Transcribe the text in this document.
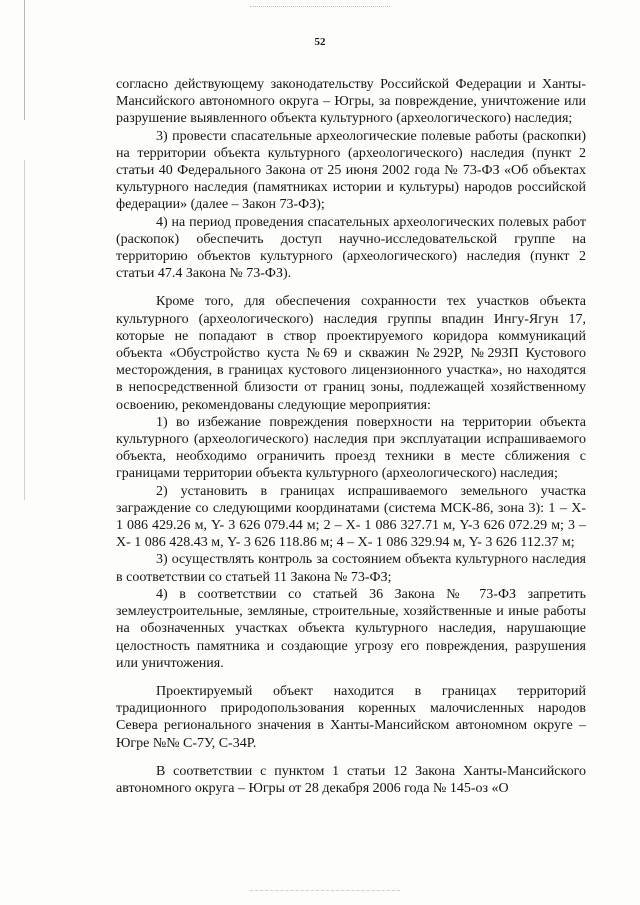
52

согласно действующему законодательству Российской Федерации и Ханты-Мансийского автономного округа – Югры, за повреждение, уничтожение или разрушение выявленного объекта культурного (археологического) наследия;

3) провести спасательные археологические полевые работы (раскопки) на территории объекта культурного (археологического) наследия (пункт 2 статьи 40 Федерального Закона от 25 июня 2002 года № 73-ФЗ «Об объектах культурного наследия (памятниках истории и культуры) народов российской федерации» (далее – Закон 73-ФЗ);

4) на период проведения спасательных археологических полевых работ (раскопок) обеспечить доступ научно-исследовательской группе на территорию объектов культурного (археологического) наследия (пункт 2 статьи 47.4 Закона № 73-ФЗ).

Кроме того, для обеспечения сохранности тех участков объекта культурного (археологического) наследия группы впадин Ингу-Ягун 17, которые не попадают в створ проектируемого коридора коммуникаций объекта «Обустройство куста №69 и скважин №292Р, №293П Кустового месторождения, в границах кустового лицензионного участка», но находятся в непосредственной близости от границ зоны, подлежащей хозяйственному освоению, рекомендованы следующие мероприятия:

1) во избежание повреждения поверхности на территории объекта культурного (археологического) наследия при эксплуатации испрашиваемого объекта, необходимо ограничить проезд техники в месте сближения с границами территории объекта культурного (археологического) наследия;

2) установить в границах испрашиваемого земельного участка заграждение со следующими координатами (система МСК-86, зона 3): 1 – Х- 1 086 429.26 м, Y- 3 626 079.44 м; 2 – Х- 1 086 327.71 м, Y-3 626 072.29 м; 3 – Х- 1 086 428.43 м, Y- 3 626 118.86 м; 4 – Х- 1 086 329.94 м, Y- 3 626 112.37 м;

3) осуществлять контроль за состоянием объекта культурного наследия в соответствии со статьей 11 Закона № 73-ФЗ;

4) в соответствии со статьей 36 Закона № 73-ФЗ запретить землеустроительные, земляные, строительные, хозяйственные и иные работы на обозначенных участках объекта культурного наследия, нарушающие целостность памятника и создающие угрозу его повреждения, разрушения или уничтожения.

Проектируемый объект находится в границах территорий традиционного природопользования коренных малочисленных народов Севера регионального значения в Ханты-Мансийском автономном округе –Югре №№ С-7У, С-34Р.

В соответствии с пунктом 1 статьи 12 Закона Ханты-Мансийского автономного округа – Югры от 28 декабря 2006 года № 145-оз «О
